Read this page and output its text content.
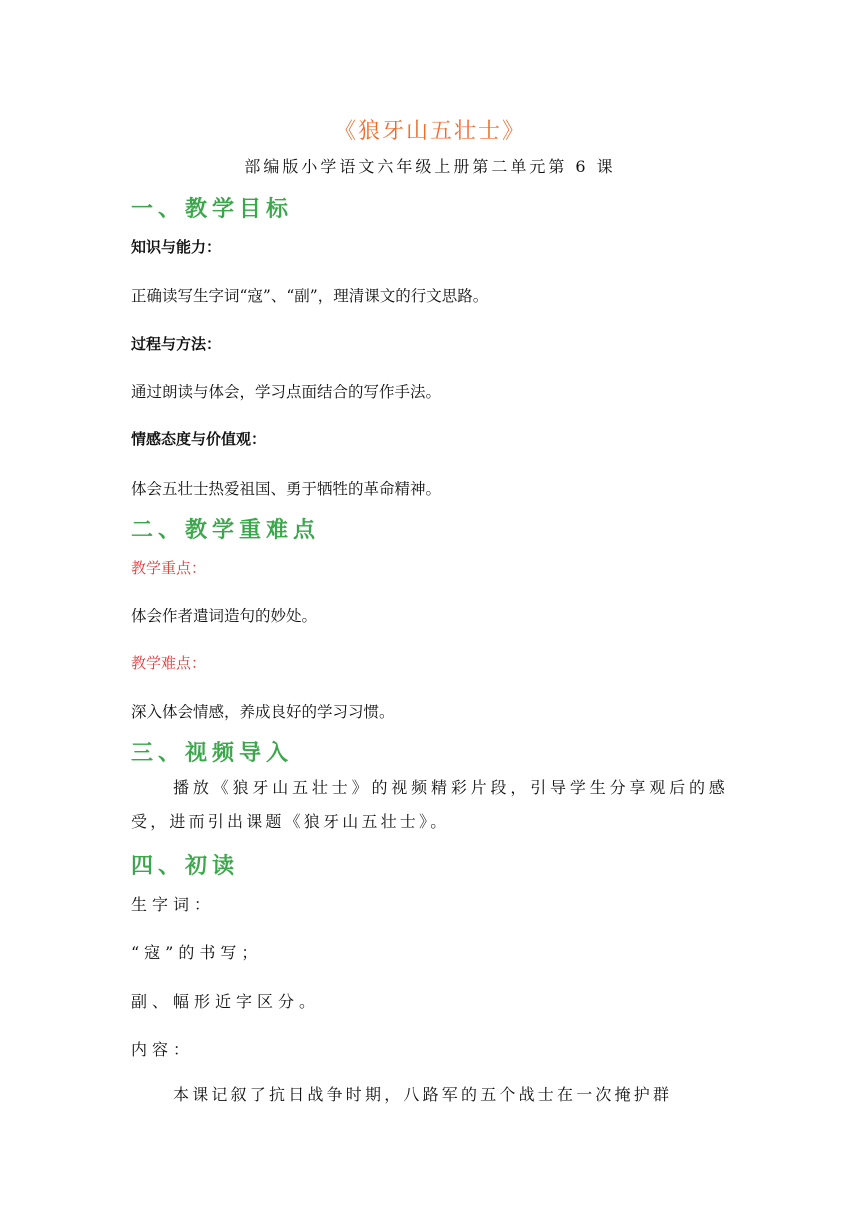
《狼牙山五壮士》
部编版小学语文六年级上册第二单元第 6 课
一、教学目标
知识与能力：
正确读写生字词“寇”、“副”，理清课文的行文思路。
过程与方法：
通过朗读与体会，学习点面结合的写作手法。
情感态度与价值观：
体会五壮士热爱祖国、勇于牺牲的革命精神。
二、教学重难点
教学重点：
体会作者遣词造句的妙处。
教学难点：
深入体会情感，养成良好的学习习惯。
三、视频导入
播放《狼牙山五壮士》的视频精彩片段，引导学生分享观后的感受，进而引出课题《狼牙山五壮士》。
四、初读
生字词：
“寇”的书写；
副、幅形近字区分。
内容：
本课记叙了抗日战争时期，八路军的五个战士在一次掩护群
